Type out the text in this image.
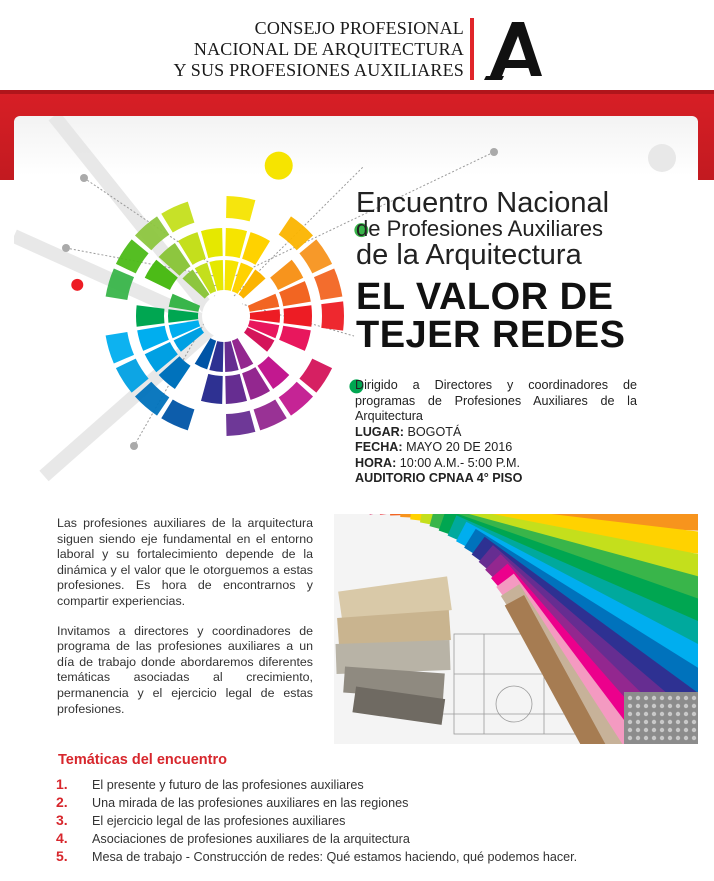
CONSEJO PROFESIONAL
NACIONAL DE ARQUITECTURA
Y SUS PROFESIONES AUXILIARES
Encuentro Nacional
de Profesiones Auxiliares
de la Arquitectura
EL VALOR DE
TEJER REDES
Dirigido a Directores y coordinadores de programas de Profesiones Auxiliares de la Arquitectura
LUGAR: BOGOTÁ
FECHA: MAYO 20 DE 2016
HORA: 10:00 A.M.- 5:00 P.M.
AUDITORIO CPNAA 4° PISO

Las profesiones auxiliares de la arquitectura siguen siendo eje fundamental en el entorno laboral y su fortalecimiento depende de la dinámica y el valor que le otorguemos a estas profesiones. Es hora de encontrarnos y compartir experiencias.

Invitamos a directores y coordinadores de programa de las profesiones auxiliares a un día de trabajo donde abordaremos diferentes temáticas asociadas al crecimiento, permanencia y el ejercicio legal de estas profesiones.

Temáticas del encuentro
1. El presente y futuro de las profesiones auxiliares
2. Una mirada de las profesiones auxiliares en las regiones
3. El ejercicio legal de las profesiones auxiliares
4. Asociaciones de profesiones auxiliares de la arquitectura
5. Mesa de trabajo - Construcción de redes: Qué estamos haciendo, qué podemos hacer.
